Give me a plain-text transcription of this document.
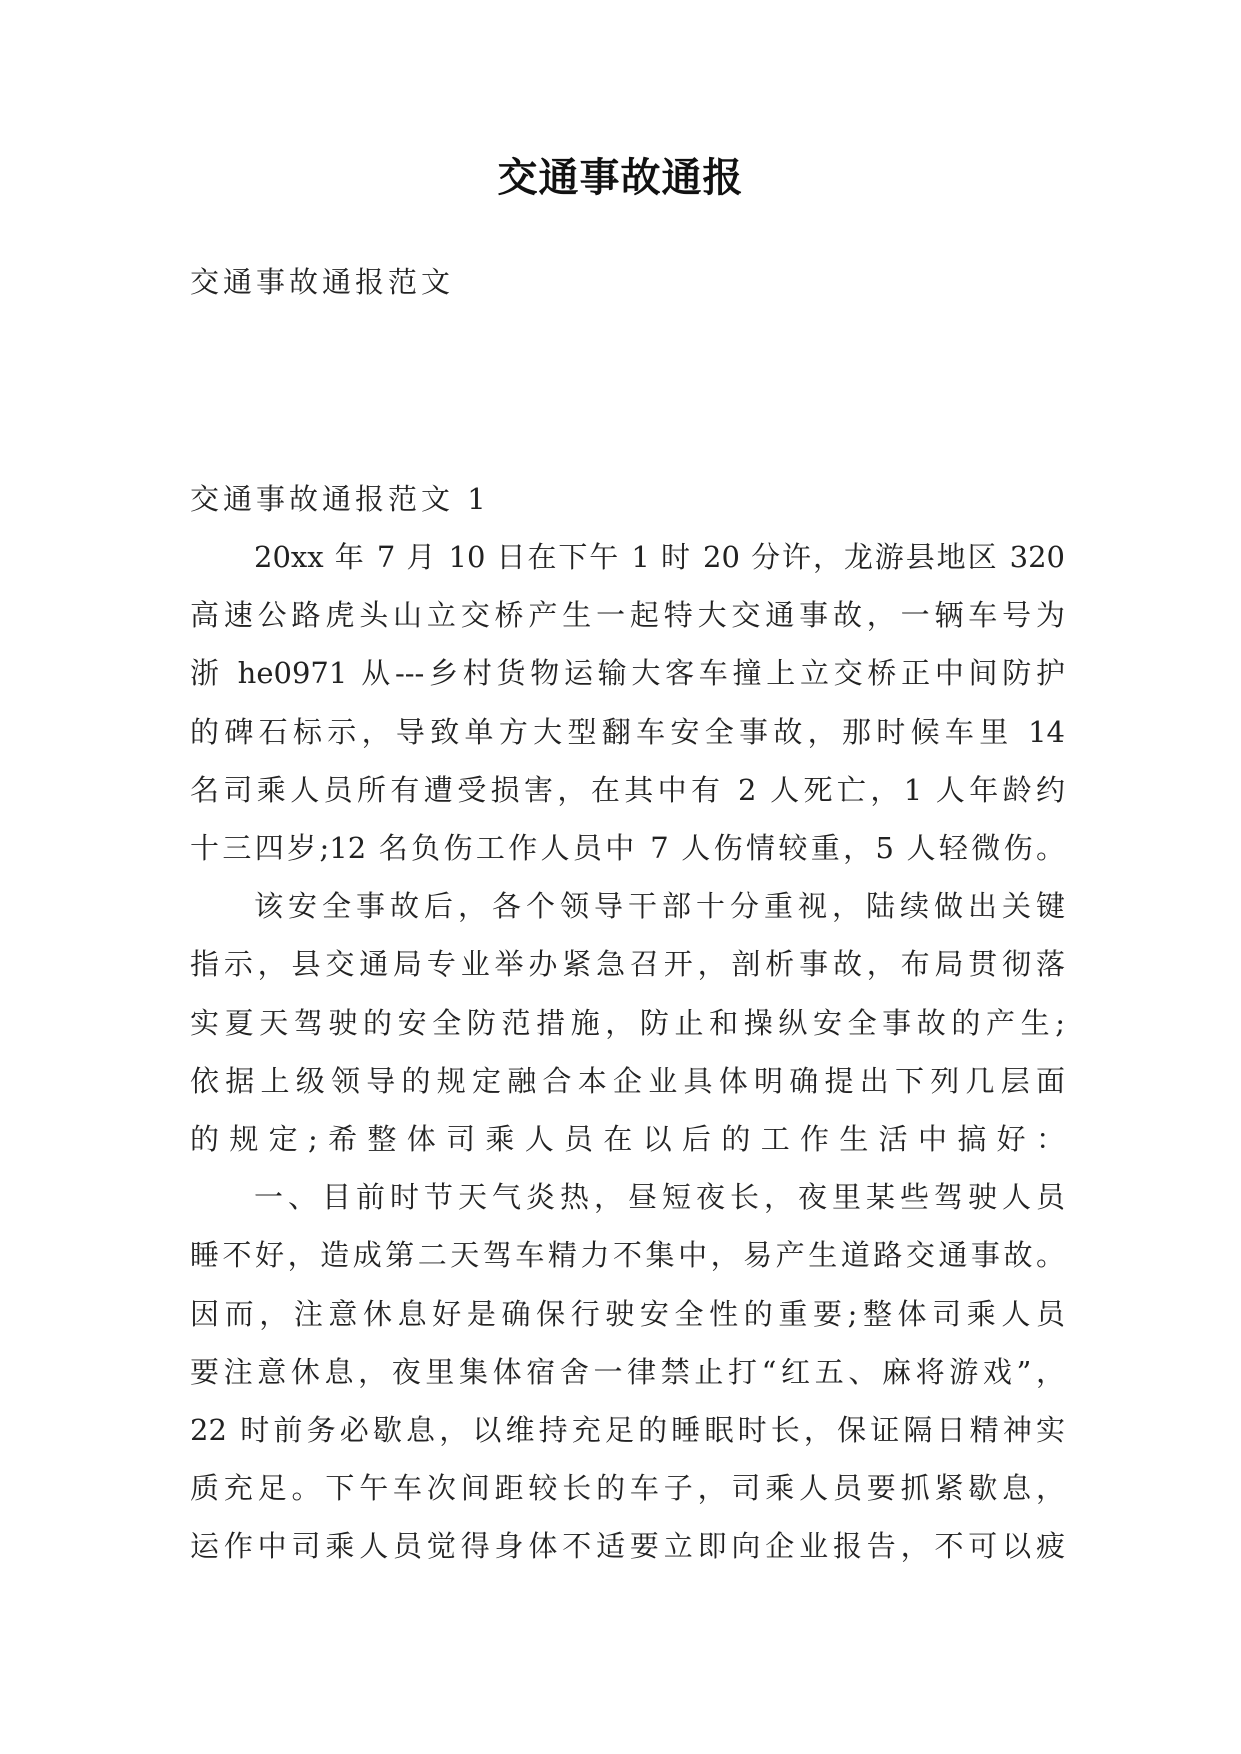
交通事故通报
交通事故通报范文
交通事故通报范文 1
20xx 年 7 月 10 日在下午 1 时 20 分许，龙游县地区 320
高速公路虎头山立交桥产生一起特大交通事故，一辆车号为
浙 he0971 从---乡村货物运输大客车撞上立交桥正中间防护
的碑石标示，导致单方大型翻车安全事故，那时候车里 14
名司乘人员所有遭受损害，在其中有 2 人死亡，1 人年龄约
十三四岁;12 名负伤工作人员中 7 人伤情较重，5 人轻微伤。
该安全事故后，各个领导干部十分重视，陆续做出关键
指示，县交通局专业举办紧急召开，剖析事故，布局贯彻落
实夏天驾驶的安全防范措施，防止和操纵安全事故的产生;
依据上级领导的规定融合本企业具体明确提出下列几层面
的规定;希整体司乘人员在以后的工作生活中搞好：
一、目前时节天气炎热，昼短夜长，夜里某些驾驶人员
睡不好，造成第二天驾车精力不集中，易产生道路交通事故。
因而，注意休息好是确保行驶安全性的重要;整体司乘人员
要注意休息，夜里集体宿舍一律禁止打“红五、麻将游戏”，
22 时前务必歇息，以维持充足的睡眠时长，保证隔日精神实
质充足。下午车次间距较长的车子，司乘人员要抓紧歇息，
运作中司乘人员觉得身体不适要立即向企业报告，不可以疲
